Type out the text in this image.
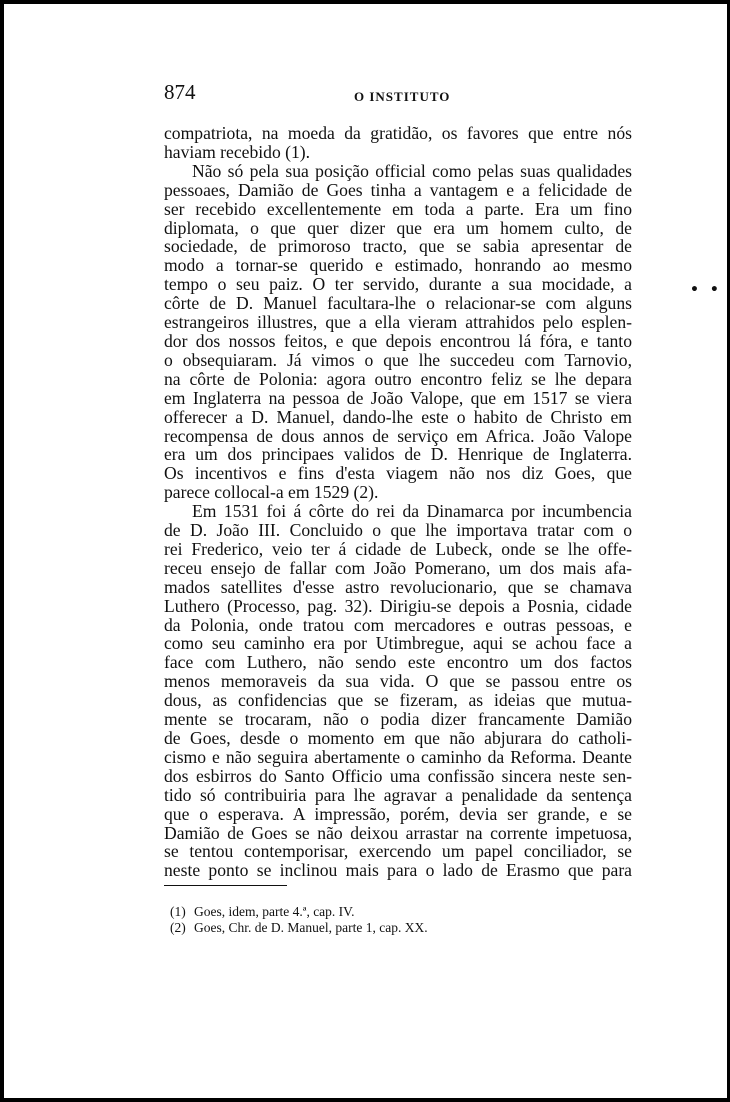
874	O INSTITUTO
compatriota, na moeda da gratidão, os favores que entre nós
haviam recebido (1).
Não só pela sua posição official como pelas suas qualidades
pessoaes, Damião de Goes tinha a vantagem e a felicidade de
ser recebido excellentemente em toda a parte. Era um fino
diplomata, o que quer dizer que era um homem culto, de
sociedade, de primoroso tracto, que se sabia apresentar de
modo a tornar-se querido e estimado, honrando ao mesmo
tempo o seu paiz. O ter servido, durante a sua mocidade, a
côrte de D. Manuel facultara-lhe o relacionar-se com alguns
estrangeiros illustres, que a ella vieram attrahidos pelo esplen-
dor dos nossos feitos, e que depois encontrou lá fóra, e tanto
o obsequiaram. Já vimos o que lhe succedeu com Tarnovio,
na côrte de Polonia: agora outro encontro feliz se lhe depara
em Inglaterra na pessoa de João Valope, que em 1517 se viera
offerecer a D. Manuel, dando-lhe este o habito de Christo em
recompensa de dous annos de serviço em Africa. João Valope
era um dos principaes validos de D. Henrique de Inglaterra.
Os incentivos e fins d'esta viagem não nos diz Goes, que
parece collocal-a em 1529 (2).
Em 1531 foi á côrte do rei da Dinamarca por incumbencia
de D. João III. Concluido o que lhe importava tratar com o
rei Frederico, veio ter á cidade de Lubeck, onde se lhe offe-
receu ensejo de fallar com João Pomerano, um dos mais afa-
mados satellites d'esse astro revolucionario, que se chamava
Luthero (Processo, pag. 32). Dirigiu-se depois a Posnia, cidade
da Polonia, onde tratou com mercadores e outras pessoas, e
como seu caminho era por Utimbregue, aqui se achou face a
face com Luthero, não sendo este encontro um dos factos
menos memoraveis da sua vida. O que se passou entre os
dous, as confidencias que se fizeram, as ideias que mutua-
mente se trocaram, não o podia dizer francamente Damião
de Goes, desde o momento em que não abjurara do catholi-
cismo e não seguira abertamente o caminho da Reforma. Deante
dos esbirros do Santo Officio uma confissão sincera neste sen-
tido só contribuiria para lhe agravar a penalidade da sentença
que o esperava. A impressão, porém, devia ser grande, e se
Damião de Goes se não deixou arrastar na corrente impetuosa,
se tentou contemporisar, exercendo um papel conciliador, se
neste ponto se inclinou mais para o lado de Erasmo que para
(1) Goes, idem, parte 4.ª, cap. IV.
(2) Goes, Chr. de D. Manuel, parte 1, cap. XX.
• •
